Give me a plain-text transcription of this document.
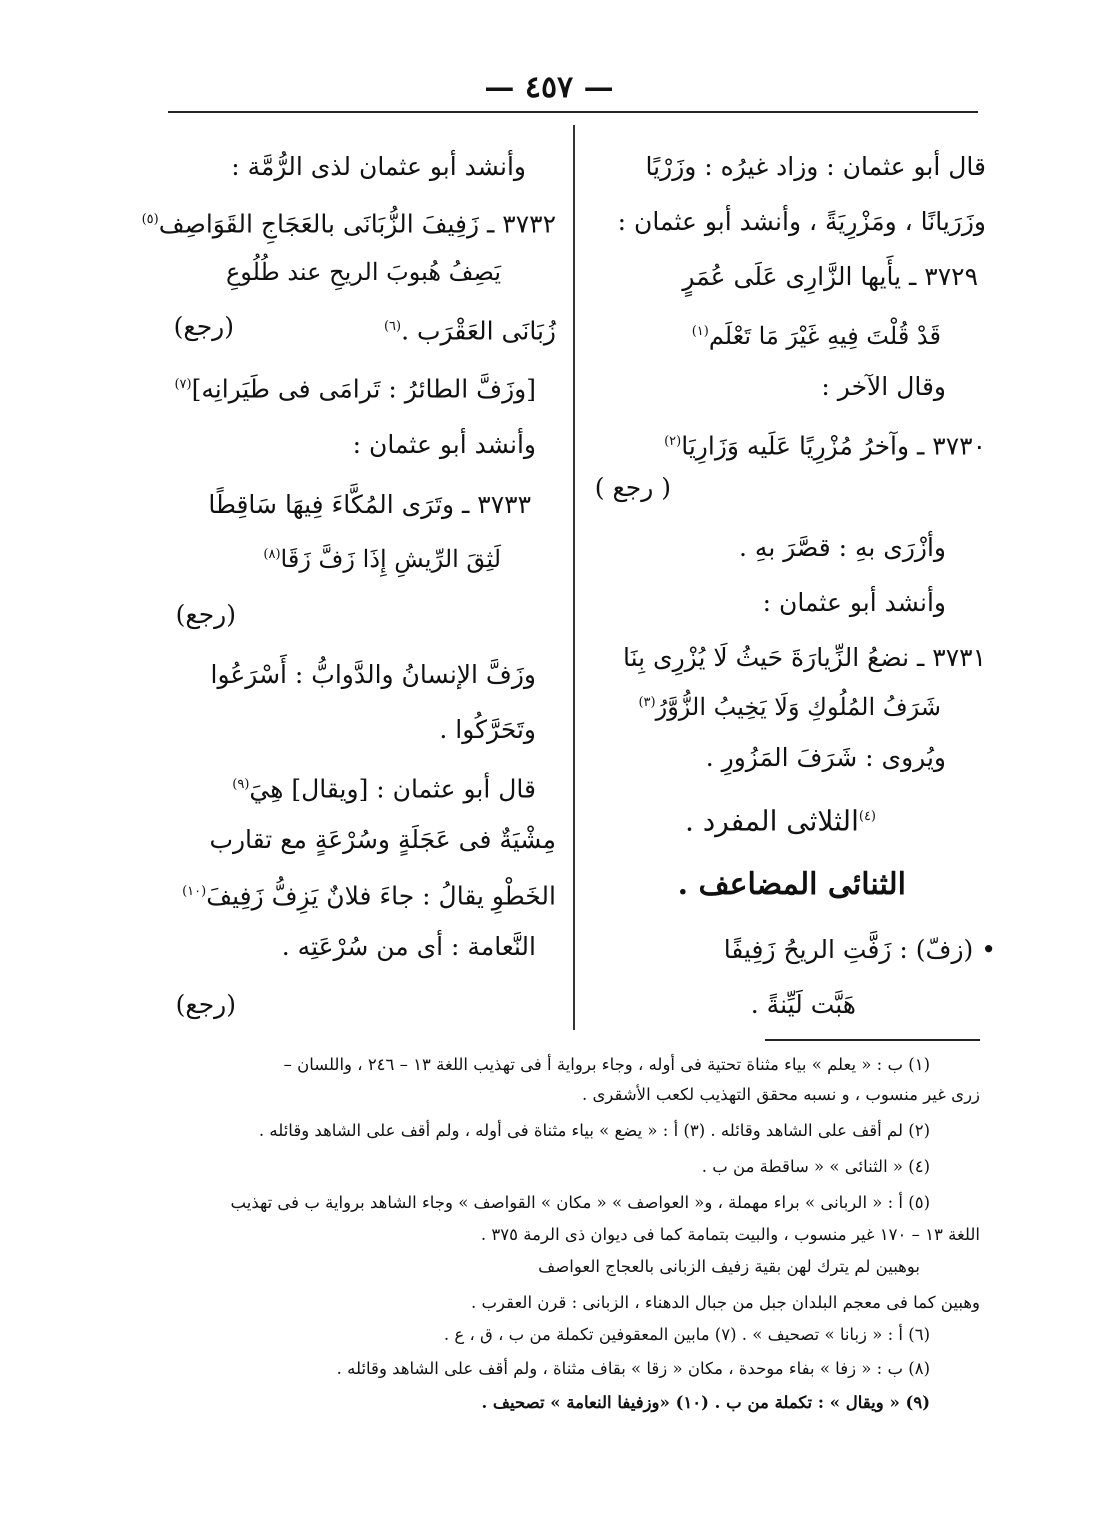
— ٤٥٧ —
قال أبو عثمان : وزاد غيرُه : وزَرْيًا
وزَرَيانًا ، ومَزْرِيَةً ، وأنشد أبو عثمان :
٣٧٢٩ ـ يأَيها الزَّارِى عَلَى عُمَرٍ
قَدْ قُلْتَ فِيهِ غَيْرَ مَا تَعْلَم$^{(١)}$
وقال الآخر :
٣٧٣٠ ـ وآخرُ مُزْرِيًا عَلَيه وَزَارِيَا$^{(٢)}$
( رجع )
وأزْرَى بهِ : قصَّرَ بهِ .
وأنشد أبو عثمان :
٣٧٣١ ـ نضعُ الزِّيارَةَ حَيثُ لَا يُزْرِى بِنَا
شَرَفُ المُلُوكِ وَلَا يَخِيبُ الزُّوَّرُ$^{(٣)}$
ويُروى : شَرَفَ المَزُورِ .
$^{(٤)}$الثلاثى المفرد .
الثنائى المضاعف .
• (زفّ) : زَفَّتِ الريحُ زَفِيفًا
هَبَّت لَيِّنةً .
وأنشد أبو عثمان لذى الرُّمَّة :
٣٧٣٢ ـ زَفِيفَ الزُّبَانَى بالعَجَاجِ القَوَاصِف$^{(٥)}$
يَصِفُ هُبوبَ الريحِ عند طُلُوعِ
زُبَانَى العَقْرَب .$^{(٦)}$
(رجع)
[وزَفَّ الطائرُ : تَرامَى فى طَيَرانِه]$^{(٧)}$
وأنشد أبو عثمان :
٣٧٣٣ ـ وتَرَى المُكَّاءَ فِيهَا سَاقِطًا
لَثِقَ الرِّيشِ إِذَا زَفَّ زَقَا$^{(٨)}$
(رجع)
وزَفَّ الإنسانُ والدَّوابُّ : أَسْرَعُوا
وتَحَرَّكُوا .
قال أبو عثمان : [ويقال] هِيَ$^{(٩)}$
مِشْيَةٌ فى عَجَلَةٍ وسُرْعَةٍ مع تقارب
الخَطْوِ يقالُ : جاءَ فلانٌ يَزِفُّ زَفِيفَ$^{(١٠)}$
النَّعامة : أى من سُرْعَتِه .
(رجع)
(١) ب : « يعلم » بياء مثناة تحتية فى أوله ، وجاء برواية أ فى تهذيب اللغة ١٣ – ٢٤٦ ، واللسان –
زرى غير منسوب ، و نسبه محقق التهذيب لكعب الأشقرى .
(٢) لم أقف على الشاهد وقائله . (٣) أ : « يضع » بياء مثناة فى أوله ، ولم أقف على الشاهد وقائله .
(٤) « الثنائى » « ساقطة من ب .
(٥) أ : « الربانى » براء مهملة ، و« العواصف » « مكان » القواصف » وجاء الشاهد برواية ب فى تهذيب
اللغة ١٣ – ١٧٠ غير منسوب ، والبيت بتمامة كما فى ديوان ذى الرمة ٣٧٥ .
بوهبين لم يترك لهن بقية زفيف الزبانى بالعجاج العواصف
وهبين كما فى معجم البلدان جبل من جبال الدهناء ، الزبانى : قرن العقرب .
(٦) أ : « زبانا » تصحيف » . (٧) مابين المعقوفين تكملة من ب ، ق ، ع .
(٨) ب : « زفا » بفاء موحدة ، مكان « زقا » بقاف مثناة ، ولم أقف على الشاهد وقائله .
(٩) « ويقال » : تكملة من ب . (١٠) «وزفيفا النعامة » تصحيف .
